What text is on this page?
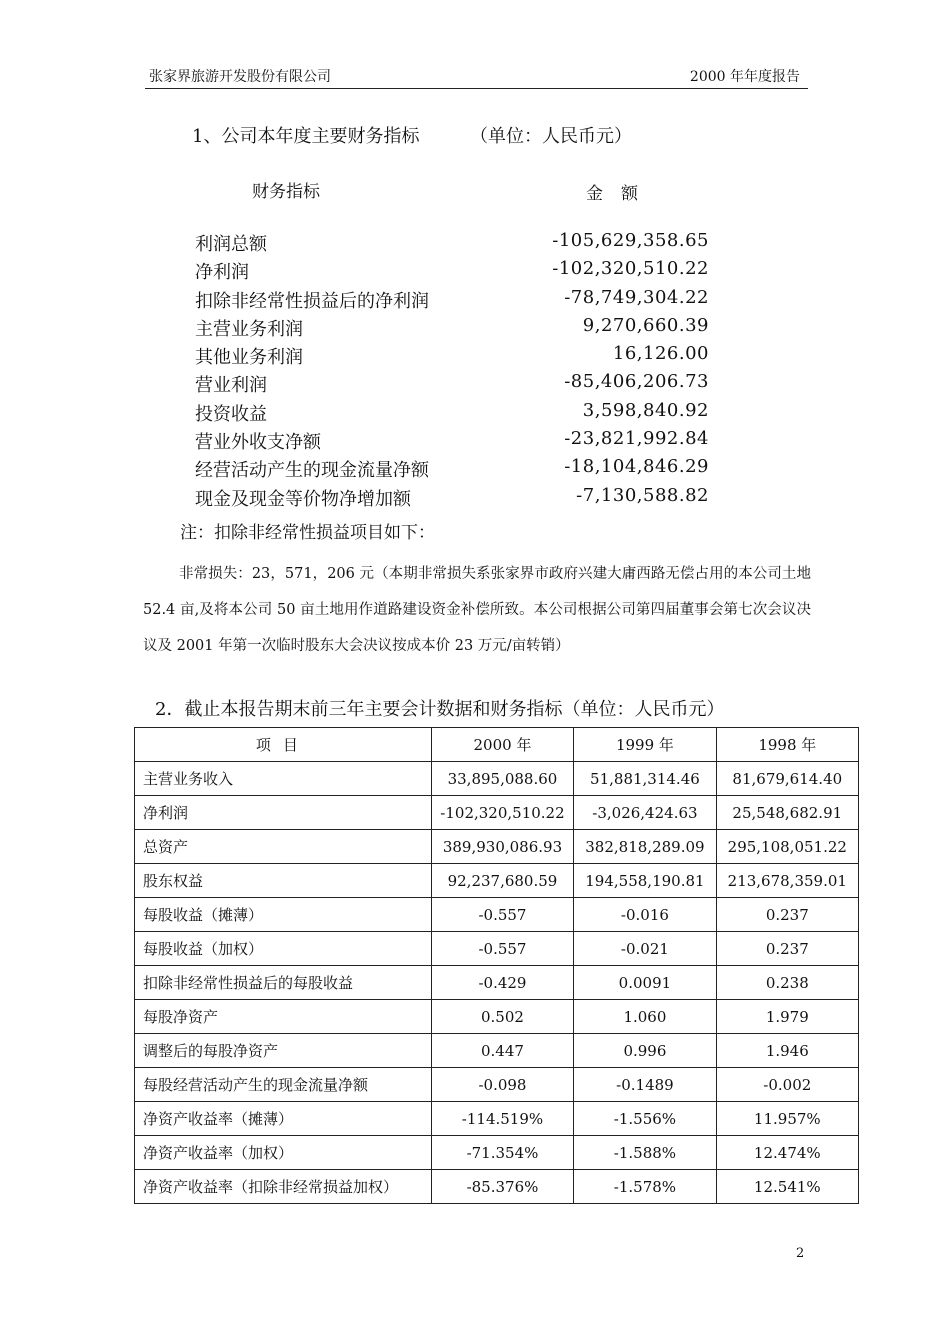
张家界旅游开发股份有限公司	2000 年年度报告
1、公司本年度主要财务指标	（单位：人民币元）
财务指标	金额
利润总额	-105,629,358.65
净利润	-102,320,510.22
扣除非经常性损益后的净利润	-78,749,304.22
主营业务利润	9,270,660.39
其他业务利润	16,126.00
营业利润	-85,406,206.73
投资收益	3,598,840.92
营业外收支净额	-23,821,992.84
经营活动产生的现金流量净额	-18,104,846.29
现金及现金等价物净增加额	-7,130,588.82
注：扣除非经常性损益项目如下：
非常损失：23，571，206 元（本期非常损失系张家界市政府兴建大庸西路无偿占用的本公司土地 52.4 亩,及将本公司 50 亩土地用作道路建设资金补偿所致。本公司根据公司第四届董事会第七次会议决议及 2001 年第一次临时股东大会决议按成本价 23 万元/亩转销）
2．截止本报告期末前三年主要会计数据和财务指标（单位：人民币元）
项目	2000 年	1999 年	1998 年
主营业务收入	33,895,088.60	51,881,314.46	81,679,614.40
净利润	-102,320,510.22	-3,026,424.63	25,548,682.91
总资产	389,930,086.93	382,818,289.09	295,108,051.22
股东权益	92,237,680.59	194,558,190.81	213,678,359.01
每股收益（摊薄）	-0.557	-0.016	0.237
每股收益（加权）	-0.557	-0.021	0.237
扣除非经常性损益后的每股收益	-0.429	0.0091	0.238
每股净资产	0.502	1.060	1.979
调整后的每股净资产	0.447	0.996	1.946
每股经营活动产生的现金流量净额	-0.098	-0.1489	-0.002
净资产收益率（摊薄）	-114.519%	-1.556%	11.957%
净资产收益率（加权）	-71.354%	-1.588%	12.474%
净资产收益率（扣除非经常损益加权）	-85.376%	-1.578%	12.541%
2
